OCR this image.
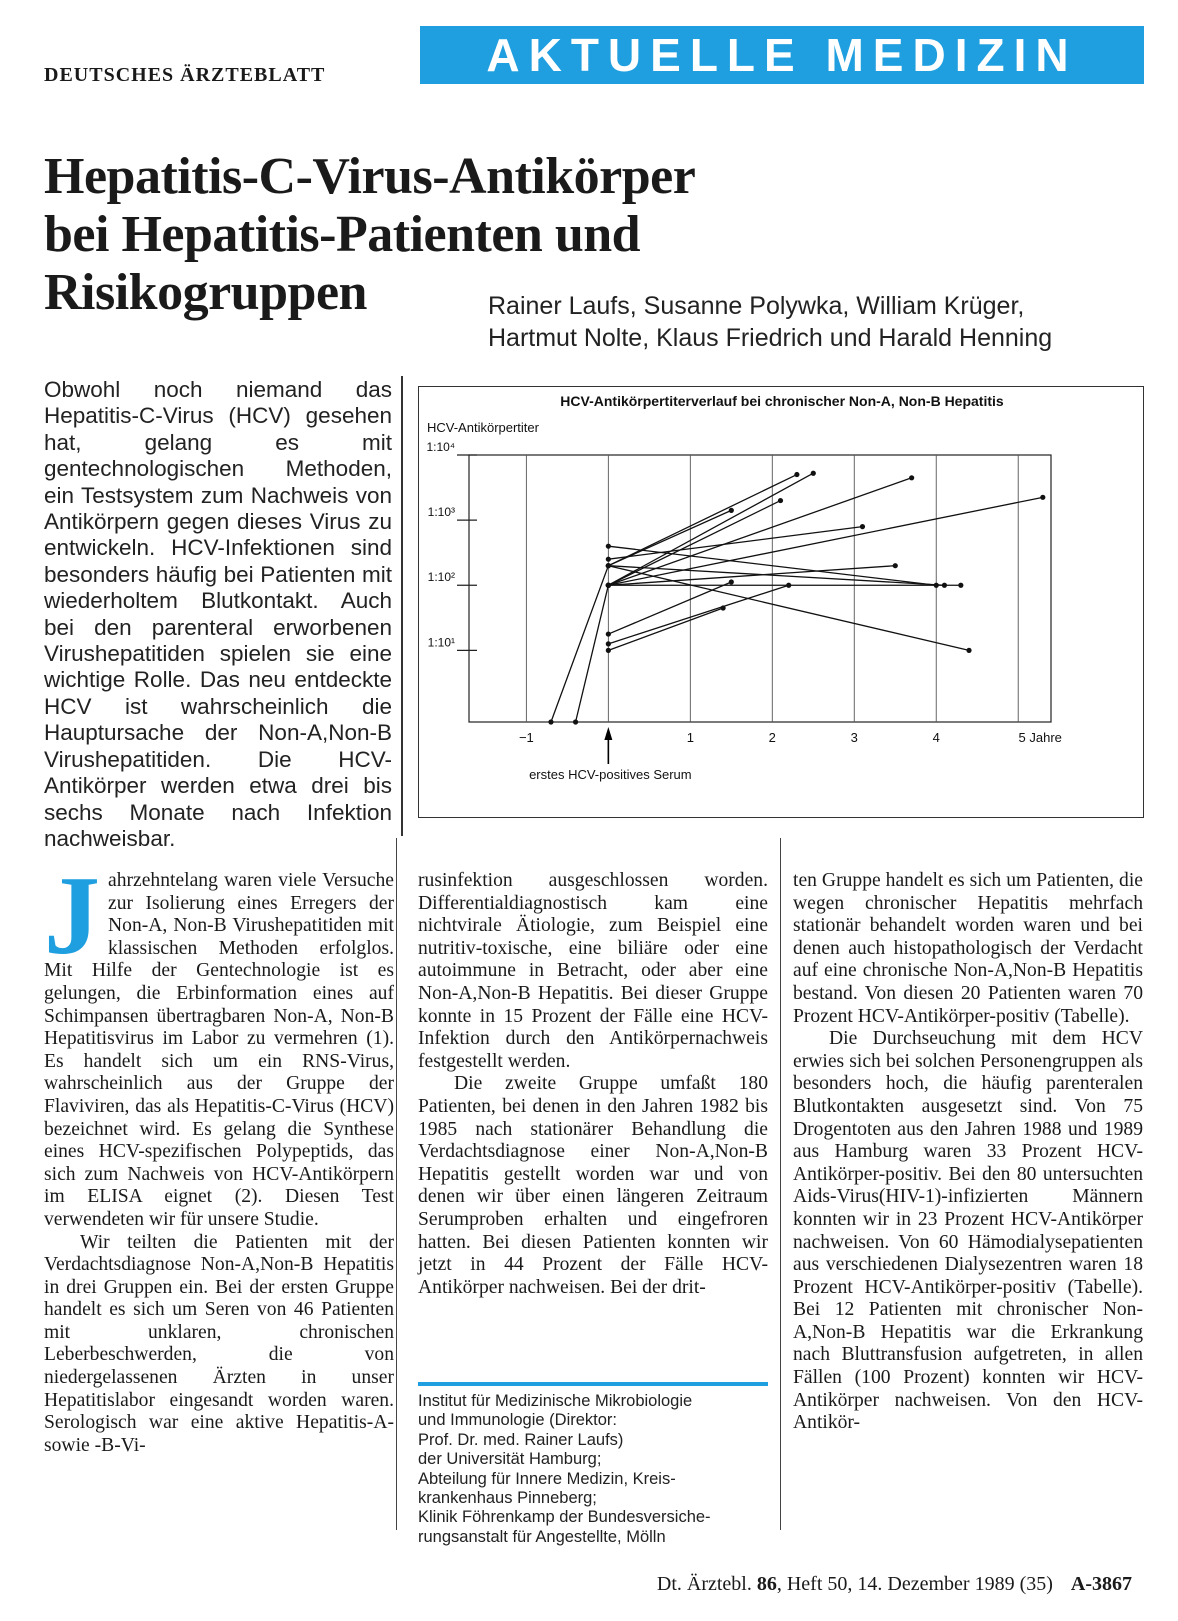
DEUTSCHES ÄRZTEBLATT	AKTUELLE MEDIZIN
Hepatitis-C-Virus-Antikörper
bei Hepatitis-Patienten und
Risikogruppen	Rainer Laufs, Susanne Polywka, William Krüger,
Hartmut Nolte, Klaus Friedrich und Harald Henning
Obwohl noch niemand das Hepatitis-C-Virus (HCV) gesehen hat, gelang es mit gentechnologischen Methoden, ein Testsystem zum Nachweis von Antikörpern gegen dieses Virus zu entwickeln. HCV-Infektionen sind besonders häufig bei Patienten mit wiederholtem Blutkontakt. Auch bei den parenteral erworbenen Virushepatitiden spielen sie eine wichtige Rolle. Das neu entdeckte HCV ist wahrscheinlich die Hauptursache der Non-A,Non-B Virushepatitiden. Die HCV-Antikörper werden etwa drei bis sechs Monate nach Infektion nachweisbar.
HCV-Antikörpertiterverlauf bei chronischer Non-A, Non-B Hepatitis
HCV-Antikörpertiter
−1	1	2	3	4	5 Jahre
1:10¹
1:10²
1:10³
1:10⁴
erstes HCV-positives Serum

Jahrzehntelang waren viele Versuche zur Isolierung eines Erregers der Non-A, Non-B Virushepatitiden mit klassischen Methoden erfolglos. Mit Hilfe der Gentechnologie ist es gelungen, die Erbinformation eines auf Schimpansen übertragbaren Non-A, Non-B Hepatitisvirus im Labor zu vermehren (1). Es handelt sich um ein RNS-Virus, wahrscheinlich aus der Gruppe der Flaviviren, das als Hepatitis-C-Virus (HCV) bezeichnet wird. Es gelang die Synthese eines HCV-spezifischen Polypeptids, das sich zum Nachweis von HCV-Antikörpern im ELISA eignet (2). Diesen Test verwendeten wir für unsere Studie.

Wir teilten die Patienten mit der Verdachtsdiagnose Non-A,Non-B Hepatitis in drei Gruppen ein. Bei der ersten Gruppe handelt es sich um Seren von 46 Patienten mit unklaren, chronischen Leberbeschwerden, die von niedergelassenen Ärzten in unser Hepatitislabor eingesandt worden waren. Serologisch war eine aktive Hepatitis-A- sowie -B-Vi-

rusinfektion ausgeschlossen worden. Differentialdiagnostisch kam eine nichtvirale Ätiologie, zum Beispiel eine nutritiv-toxische, eine biliäre oder eine autoimmune in Betracht, oder aber eine Non-A,Non-B Hepatitis. Bei dieser Gruppe konnte in 15 Prozent der Fälle eine HCV-Infektion durch den Antikörpernachweis festgestellt werden.

Die zweite Gruppe umfaßt 180 Patienten, bei denen in den Jahren 1982 bis 1985 nach stationärer Behandlung die Verdachtsdiagnose einer Non-A,Non-B Hepatitis gestellt worden war und von denen wir über einen längeren Zeitraum Serumproben erhalten und eingefroren hatten. Bei diesen Patienten konnten wir jetzt in 44 Prozent der Fälle HCV-Antikörper nachweisen. Bei der drit-

ten Gruppe handelt es sich um Patienten, die wegen chronischer Hepatitis mehrfach stationär behandelt worden waren und bei denen auch histopathologisch der Verdacht auf eine chronische Non-A,Non-B Hepatitis bestand. Von diesen 20 Patienten waren 70 Prozent HCV-Antikörper-positiv (Tabelle).

Die Durchseuchung mit dem HCV erwies sich bei solchen Personengruppen als besonders hoch, die häufig parenteralen Blutkontakten ausgesetzt sind. Von 75 Drogentoten aus den Jahren 1988 und 1989 aus Hamburg waren 33 Prozent HCV-Antikörper-positiv. Bei den 80 untersuchten Aids-Virus(HIV-1)-infizierten Männern konnten wir in 23 Prozent HCV-Antikörper nachweisen. Von 60 Hämodialysepatienten aus verschiedenen Dialysezentren waren 18 Prozent HCV-Antikörper-positiv (Tabelle). Bei 12 Patienten mit chronischer Non-A,Non-B Hepatitis war die Erkrankung nach Bluttransfusion aufgetreten, in allen Fällen (100 Prozent) konnten wir HCV-Antikörper nachweisen. Von den HCV-Antikör-

Institut für Medizinische Mikrobiologie
und Immunologie (Direktor:
Prof. Dr. med. Rainer Laufs)
der Universität Hamburg;
Abteilung für Innere Medizin, Kreis-
krankenhaus Pinneberg;
Klinik Föhrenkamp der Bundesversiche-
rungsanstalt für Angestellte, Mölln
Dt. Ärztebl. 86, Heft 50, 14. Dezember 1989 (35) A-3867
